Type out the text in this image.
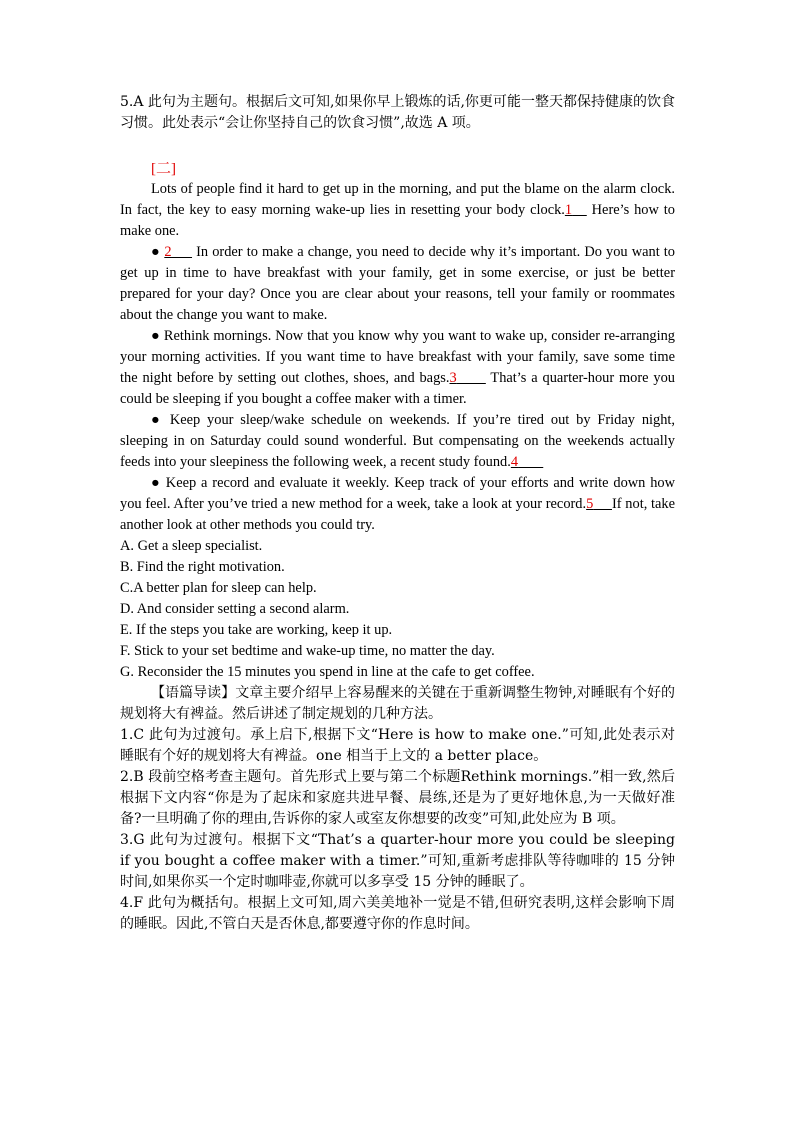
5.A 此句为主题句。根据后文可知,如果你早上锻炼的话,你更可能一整天都保持健康的饮食习惯。此处表示“会让你坚持自己的饮食习惯”,故选 A 项。

[二]

Lots of people find it hard to get up in the morning, and put the blame on the alarm clock. In fact, the key to easy morning wake-up lies in resetting your body clock.1    Here’s how to make one.

● 2      In order to make a change, you need to decide why it’s important. Do you want to get up in time to have breakfast with your family, get in some exercise, or just be better prepared for your day? Once you are clear about your reasons, tell your family or roommates about the change you want to make.

● Rethink mornings. Now that you know why you want to wake up, consider re-arranging your morning activities. If you want time to have breakfast with your family, save some time the night before by setting out clothes, shoes, and bags.3       That’s a quarter-hour more you could be sleeping if you bought a coffee maker with a timer.

● Keep your sleep/wake schedule on weekends. If you’re tired out by Friday night, sleeping in on Saturday could sound wonderful. But compensating on the weekends actually feeds into your sleepiness the following week, a recent study found.4

● Keep a record and evaluate it weekly. Keep track of your efforts and write down how you feel. After you’ve tried a new method for a week, take a look at your record.5 If not, take another look at other methods you could try.

A. Get a sleep specialist.

B. Find the right motivation.

C.A better plan for sleep can help.

D. And consider setting a second alarm.

E. If the steps you take are working, keep it up.

F. Stick to your set bedtime and wake-up time, no matter the day.

G. Reconsider the 15 minutes you spend in line at the cafe to get coffee.

【语篇导读】文章主要介绍早上容易醒来的关键在于重新调整生物钟,对睡眠有个好的规划将大有裨益。然后讲述了制定规划的几种方法。

1.C 此句为过渡句。承上启下,根据下文“Here is how to make one.”可知,此处表示对睡眠有个好的规划将大有裨益。one 相当于上文的 a better place。

2.B 段前空格考查主题句。首先形式上要与第二个标题Rethink mornings.”相一致,然后根据下文内容“你是为了起床和家庭共进早餐、晨练,还是为了更好地休息,为一天做好准备?一旦明确了你的理由,告诉你的家人或室友你想要的改变”可知,此处应为 B 项。

3.G 此句为过渡句。根据下文“That’s a quarter-hour more you could be sleeping if you bought a coffee maker with a timer.”可知,重新考虑排队等待咖啡的 15 分钟时间,如果你买一个定时咖啡壶,你就可以多享受 15 分钟的睡眠了。

4.F 此句为概括句。根据上文可知,周六美美地补一觉是不错,但研究表明,这样会影响下周的睡眠。因此,不管白天是否休息,都要遵守你的作息时间。
